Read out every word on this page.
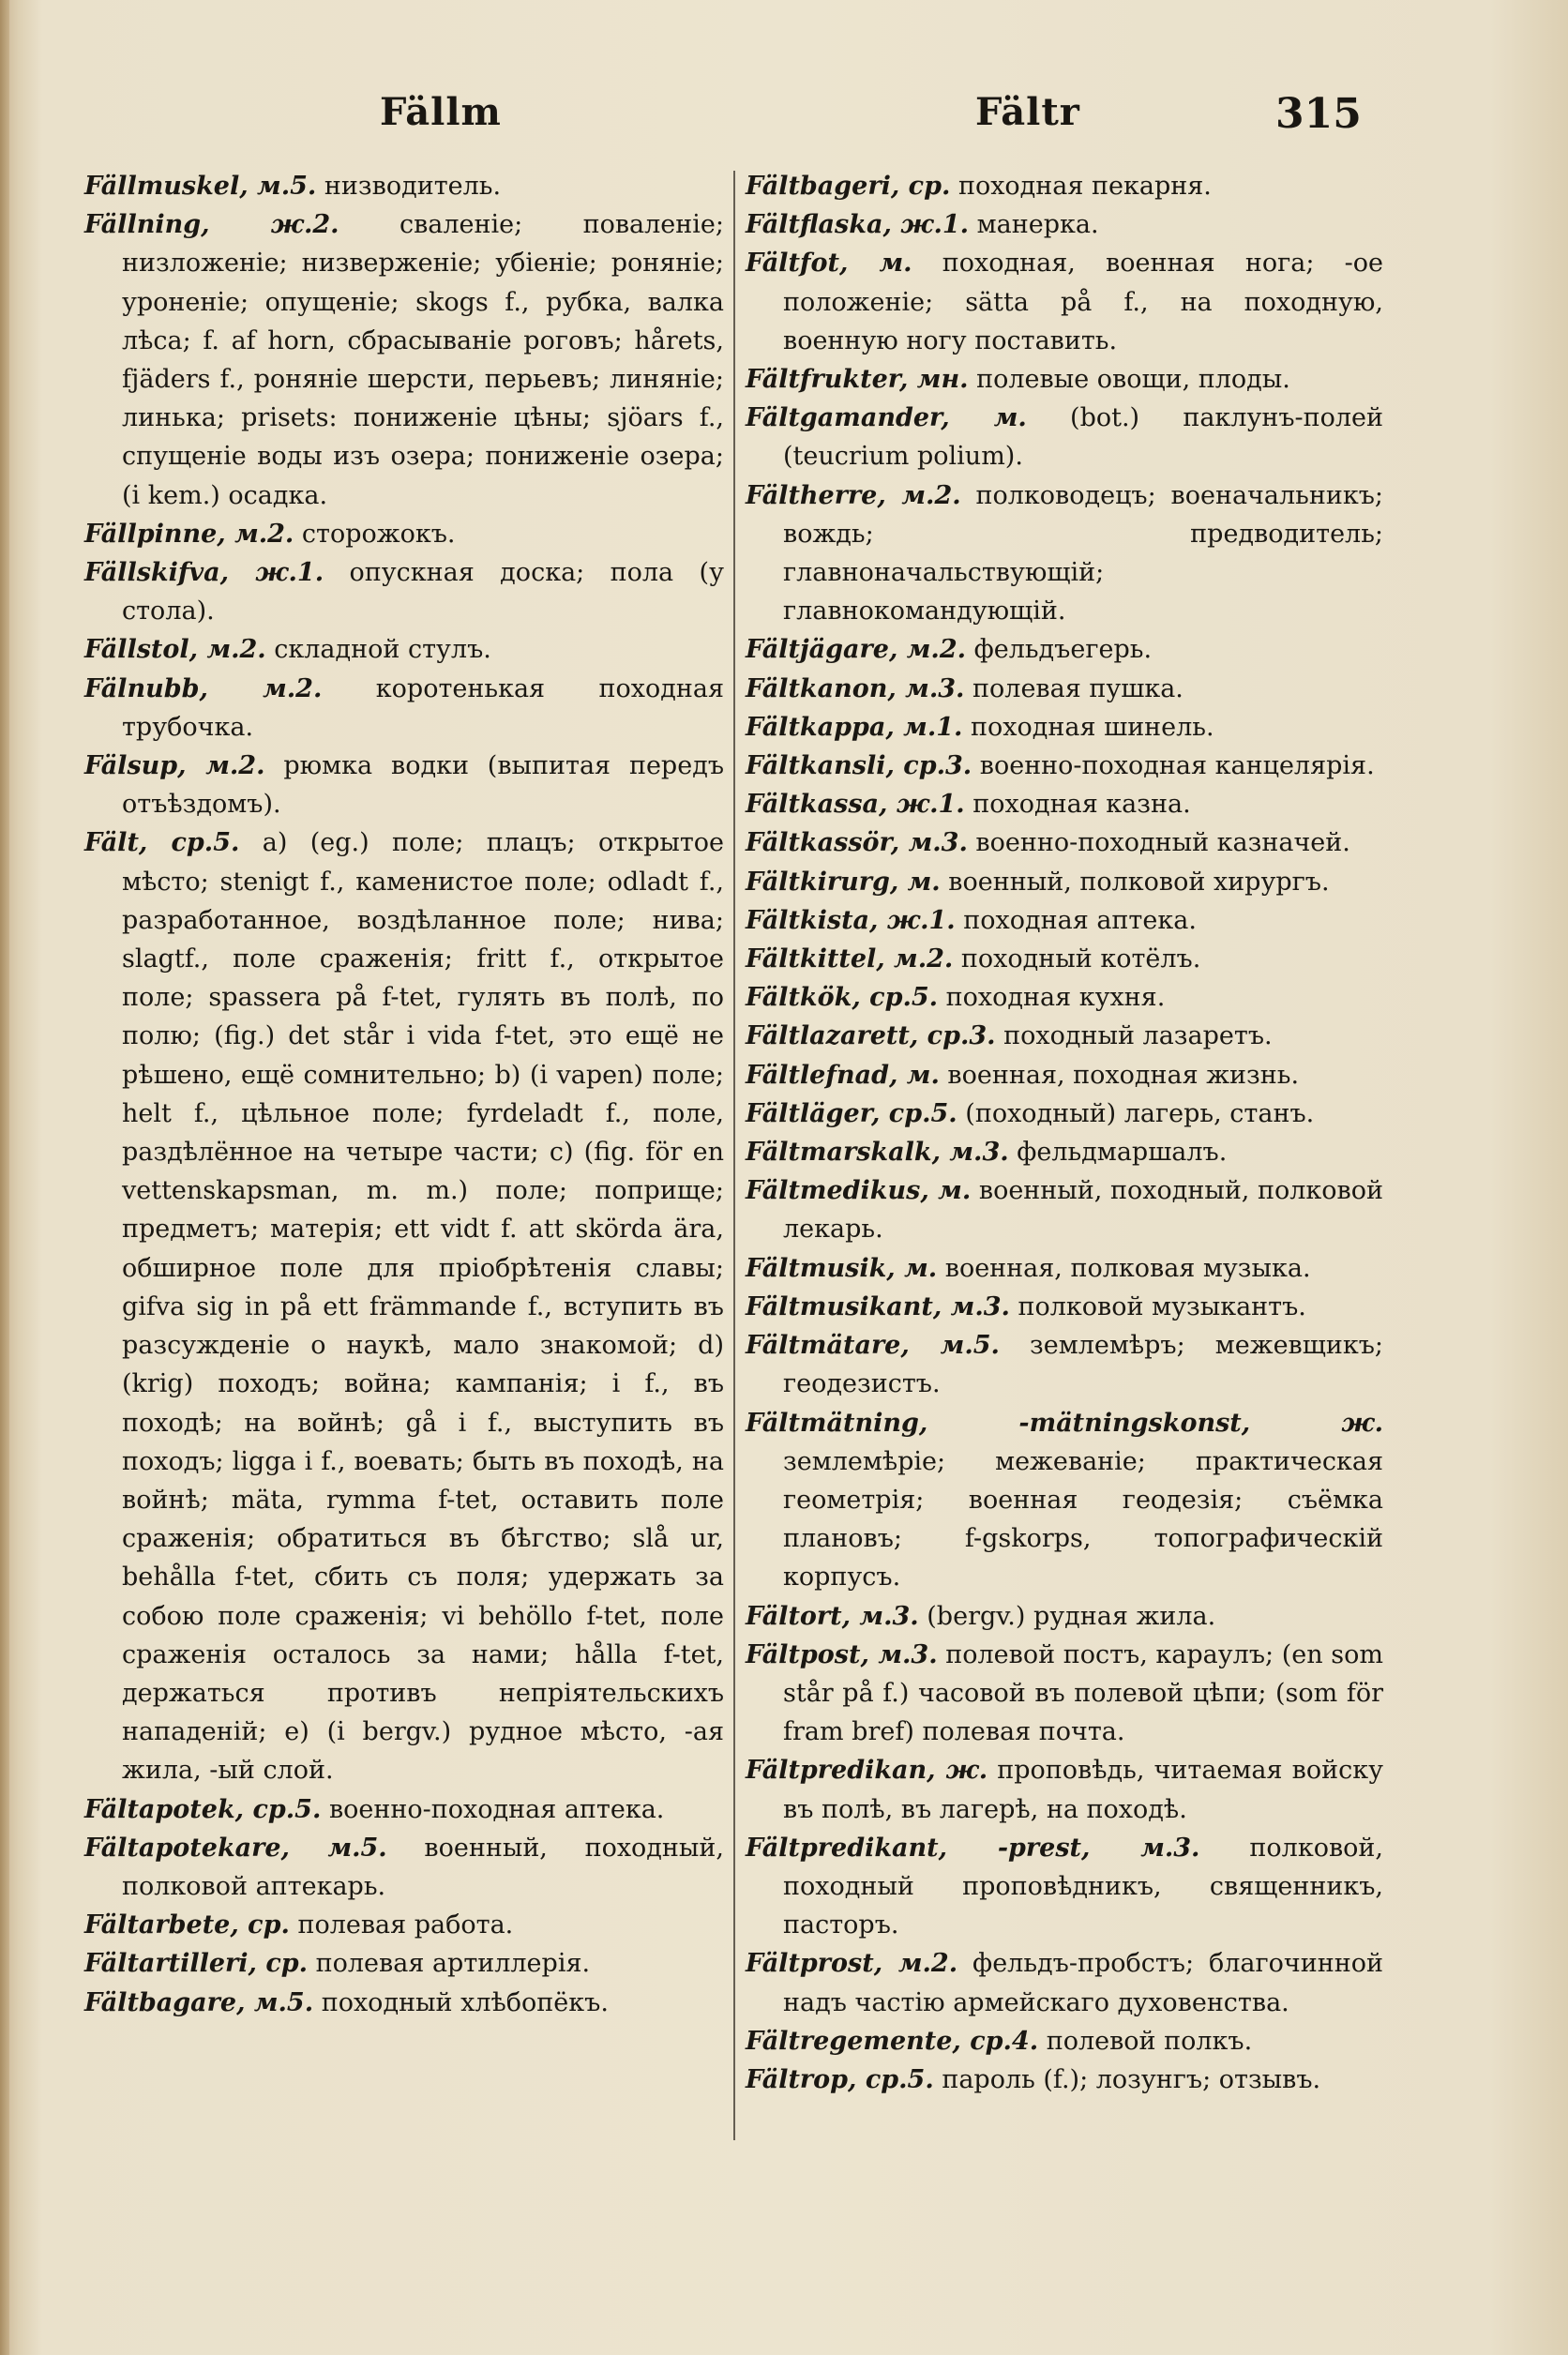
Fällm	Fältr	315

Fällmuskel, м.5. низводитель.

Fällning, ж.2. сваленіе; поваленіе; низложеніе; низверженіе; убіеніе; роняніе; уроненіе; опущеніе; skogs f., рубка, валка лѣса; f. af horn, сбрасываніе роговъ; hårets, fjäders f., роняніе шерсти, перьевъ; линяніе; линька; prisets: пониженіе цѣны; sjöars f., спущеніе воды изъ озера; пониженіе озера; (i kem.) осадка.

Fällpinne, м.2. сторожокъ.

Fällskifva, ж.1. опускная доска; пола (у стола).

Fällstol, м.2. складной стулъ.

Fälnubb, м.2. коротенькая походная трубочка.

Fälsup, м.2. рюмка водки (выпитая передъ отъѣздомъ).

Fält, ср.5. а) (eg.) поле; плацъ; открытое мѣсто; stenigt f., каменистое поле; odladt f., разработанное, воздѣланное поле; нива; slagtf., поле сраженія; fritt f., открытое поле; spassera på f-tet, гулять въ полѣ, по полю; (fig.) det står i vida f-tet, это ещё не рѣшено, ещё сомнительно; b) (i vapen) поле; helt f., цѣльное поле; fyrdeladt f., поле, раздѣлённое на четыре части; c) (fig. för en vettenskapsman, m. m.) поле; поприще; предметъ; матерія; ett vidt f. att skörda ära, обширное поле для пріобрѣтенія славы; gifva sig in på ett främmande f., вступить въ разсужденіе о наукѣ, мало знакомой; d) (krig) походъ; война; кампанія; i f., въ походѣ; на войнѣ; gå i f., выступить въ походъ; ligga i f., воевать; быть въ походѣ, на войнѣ; mäta, rymma f-tet, оставить поле сраженія; обратиться въ бѣгство; slå ur, behålla f-tet, сбить съ поля; удержать за собою поле сраженія; vi behöllo f-tet, поле сраженія осталось за нами; hålla f-tet, держаться противъ непріятельскихъ нападеній; e) (i bergv.) рудное мѣсто, -ая жила, -ый слой.

Fältapotek, ср.5. военно-походная аптека.

Fältapotekare, м.5. военный, походный, полковой аптекарь.

Fältarbete, ср. полевая работа.

Fältartilleri, ср. полевая артиллерія.

Fältbagare, м.5. походный хлѣбопёкъ.

Fältbageri, ср. походная пекарня.

Fältflaska, ж.1. манерка.

Fältfot, м. походная, военная нога; -ое положеніе; sätta på f., на походную, военную ногу поставить.

Fältfrukter, мн. полевые овощи, плоды.

Fältgamander, м. (bot.) паклунъ-полей (teucrium polium).

Fältherre, м.2. полководецъ; военачальникъ; вождь; предводитель; главноначальствующій; главнокомандующій.

Fältjägare, м.2. фельдъегерь.

Fältkanon, м.3. полевая пушка.

Fältkappa, м.1. походная шинель.

Fältkansli, ср.3. военно-походная канцелярія.

Fältkassa, ж.1. походная казна.

Fältkassör, м.3. военно-походный казначей.

Fältkirurg, м. военный, полковой хирургъ.

Fältkista, ж.1. походная аптека.

Fältkittel, м.2. походный котёлъ.

Fältkök, ср.5. походная кухня.

Fältlazarett, ср.3. походный лазаретъ.

Fältlefnad, м. военная, походная жизнь.

Fältläger, ср.5. (походный) лагерь, станъ.

Fältmarskalk, м.3. фельдмаршалъ.

Fältmedikus, м. военный, походный, полковой лекарь.

Fältmusik, м. военная, полковая музыка.

Fältmusikant, м.3. полковой музыкантъ.

Fältmätare, м.5. землемѣръ; межевщикъ; геодезистъ.

Fältmätning, -mätningskonst, ж. землемѣріе; межеваніе; практическая геометрія; военная геодезія; съёмка плановъ; f-gskorps, топографическій корпусъ.

Fältort, м.3. (bergv.) рудная жила.

Fältpost, м.3. полевой постъ, караулъ; (en som står på f.) часовой въ полевой цѣпи; (som för fram bref) полевая почта.

Fältpredikan, ж. проповѣдь, читаемая войску въ полѣ, въ лагерѣ, на походѣ.

Fältpredikant, -prest, м.3. полковой, походный проповѣдникъ, священникъ, пасторъ.

Fältprost, м.2. фельдъ-пробстъ; благочинной надъ частію армейскаго духовенства.

Fältregemente, ср.4. полевой полкъ.

Fältrop, ср.5. пароль (f.); лозунгъ; отзывъ.
